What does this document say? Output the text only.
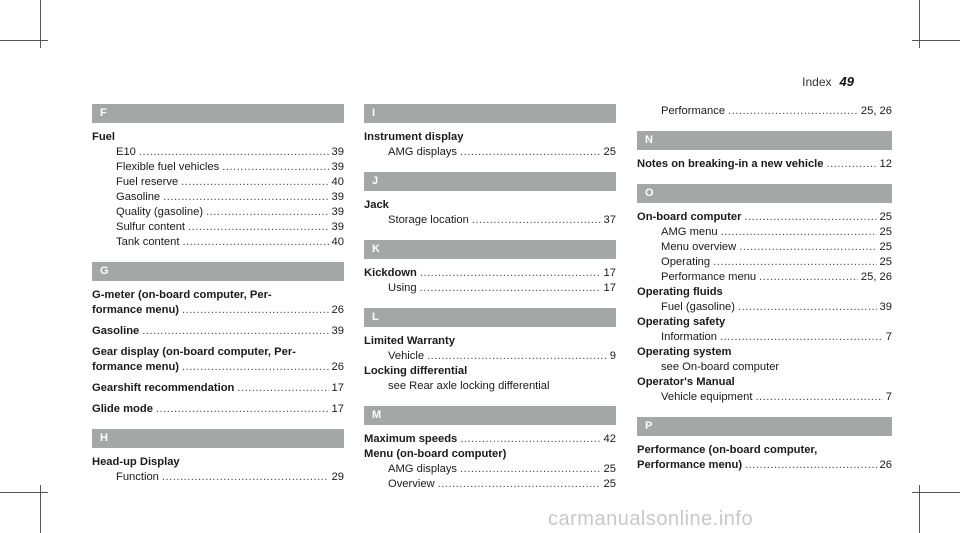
Index 49
F
Fuel
E10 .....	39
Flexible fuel vehicles .....	39
Fuel reserve .....	40
Gasoline .....	39
Quality (gasoline) .....	39
Sulfur content .....	39
Tank content .....	40
G
G-meter (on-board computer, Per-
formance menu) .....	26
Gasoline .....	39
Gear display (on-board computer, Per-
formance menu) .....	26
Gearshift recommendation .....	17
Glide mode .....	17
H
Head-up Display
Function .....	29
I
Instrument display
AMG displays .....	25
J
Jack
Storage location .....	37
K
Kickdown .....	17
Using .....	17
L
Limited Warranty
Vehicle .....	9
Locking differential
see Rear axle locking differential
M
Maximum speeds .....	42
Menu (on-board computer)
AMG displays .....	25
Overview .....	25
Performance .....	25, 26
N
Notes on breaking-in a new vehicle .....	12
O
On-board computer .....	25
AMG menu .....	25
Menu overview .....	25
Operating .....	25
Performance menu .....	25, 26
Operating fluids
Fuel (gasoline) .....	39
Operating safety
Information .....	7
Operating system
see On-board computer
Operator's Manual
Vehicle equipment .....	7
P
Performance (on-board computer,
Performance menu) .....	26
carmanualsonline.info
